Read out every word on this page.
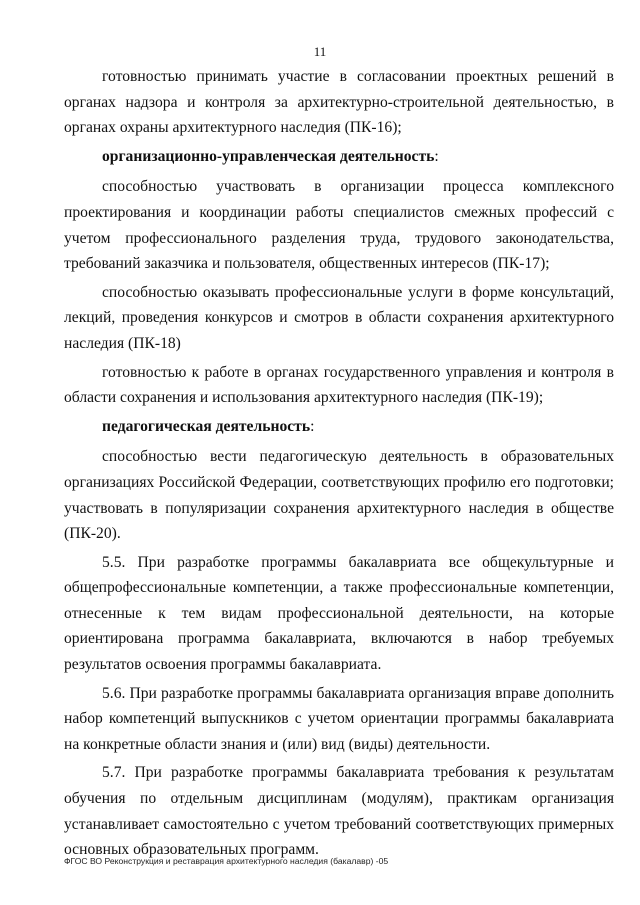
11

готовностью принимать участие в согласовании проектных решений в органах надзора и контроля за архитектурно-строительной деятельностью, в органах охраны архитектурного наследия (ПК-16);

организационно-управленческая деятельность:

способностью участвовать в организации процесса комплексного проектирования и координации работы специалистов смежных профессий с учетом профессионального разделения труда, трудового законодательства, требований заказчика и пользователя, общественных интересов (ПК-17);

способностью оказывать профессиональные услуги в форме консультаций, лекций, проведения конкурсов и смотров в области сохранения архитектурного наследия (ПК-18)

готовностью к работе в органах государственного управления и контроля в области сохранения и использования архитектурного наследия (ПК-19);

педагогическая деятельность:

способностью вести педагогическую деятельность в образовательных организациях Российской Федерации, соответствующих профилю его подготовки; участвовать в популяризации сохранения архитектурного наследия в обществе (ПК-20).

5.5. При разработке программы бакалавриата все общекультурные и общепрофессиональные компетенции, а также профессиональные компетенции, отнесенные к тем видам профессиональной деятельности, на которые ориентирована программа бакалавриата, включаются в набор требуемых результатов освоения программы бакалавриата.

5.6. При разработке программы бакалавриата организация вправе дополнить набор компетенций выпускников с учетом ориентации программы бакалавриата на конкретные области знания и (или) вид (виды) деятельности.

5.7. При разработке программы бакалавриата требования к результатам обучения по отдельным дисциплинам (модулям), практикам организация устанавливает самостоятельно с учетом требований соответствующих примерных основных образовательных программ.

ФГОС ВО Реконструкция и реставрация архитектурного наследия (бакалавр) -05
